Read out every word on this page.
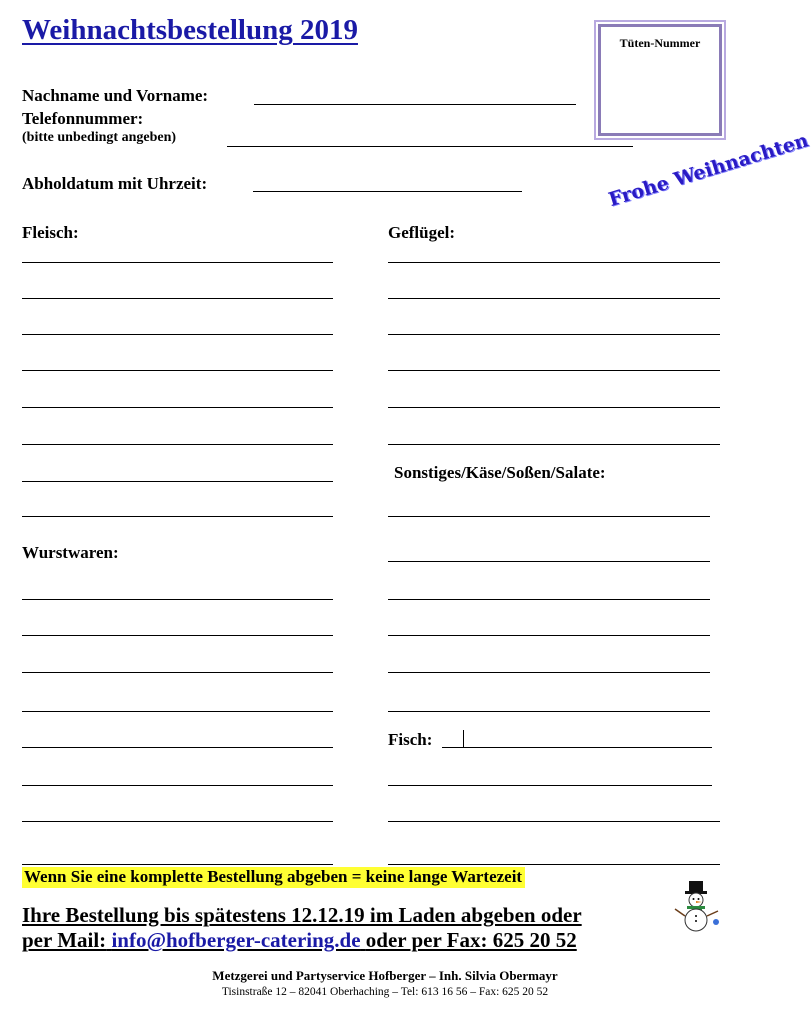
Weihnachtsbestellung 2019	Tüten-Nummer
Frohe Weihnachten
Nachname und Vorname:
Telefonnummer:
(bitte unbedingt angeben)
Abholdatum mit Uhrzeit:
Fleisch:	Geflügel:
Sonstiges/Käse/Soßen/Salate:
Wurstwaren:
Fisch:
Wenn Sie eine komplette Bestellung abgeben = keine lange Wartezeit
Ihre Bestellung bis spätestens 12.12.19 im Laden abgeben oder
per Mail: info@hofberger-catering.de oder per Fax: 625 20 52
Metzgerei und Partyservice Hofberger – Inh. Silvia Obermayr
Tisinstraße 12 – 82041 Oberhaching – Tel: 613 16 56 – Fax: 625 20 52
